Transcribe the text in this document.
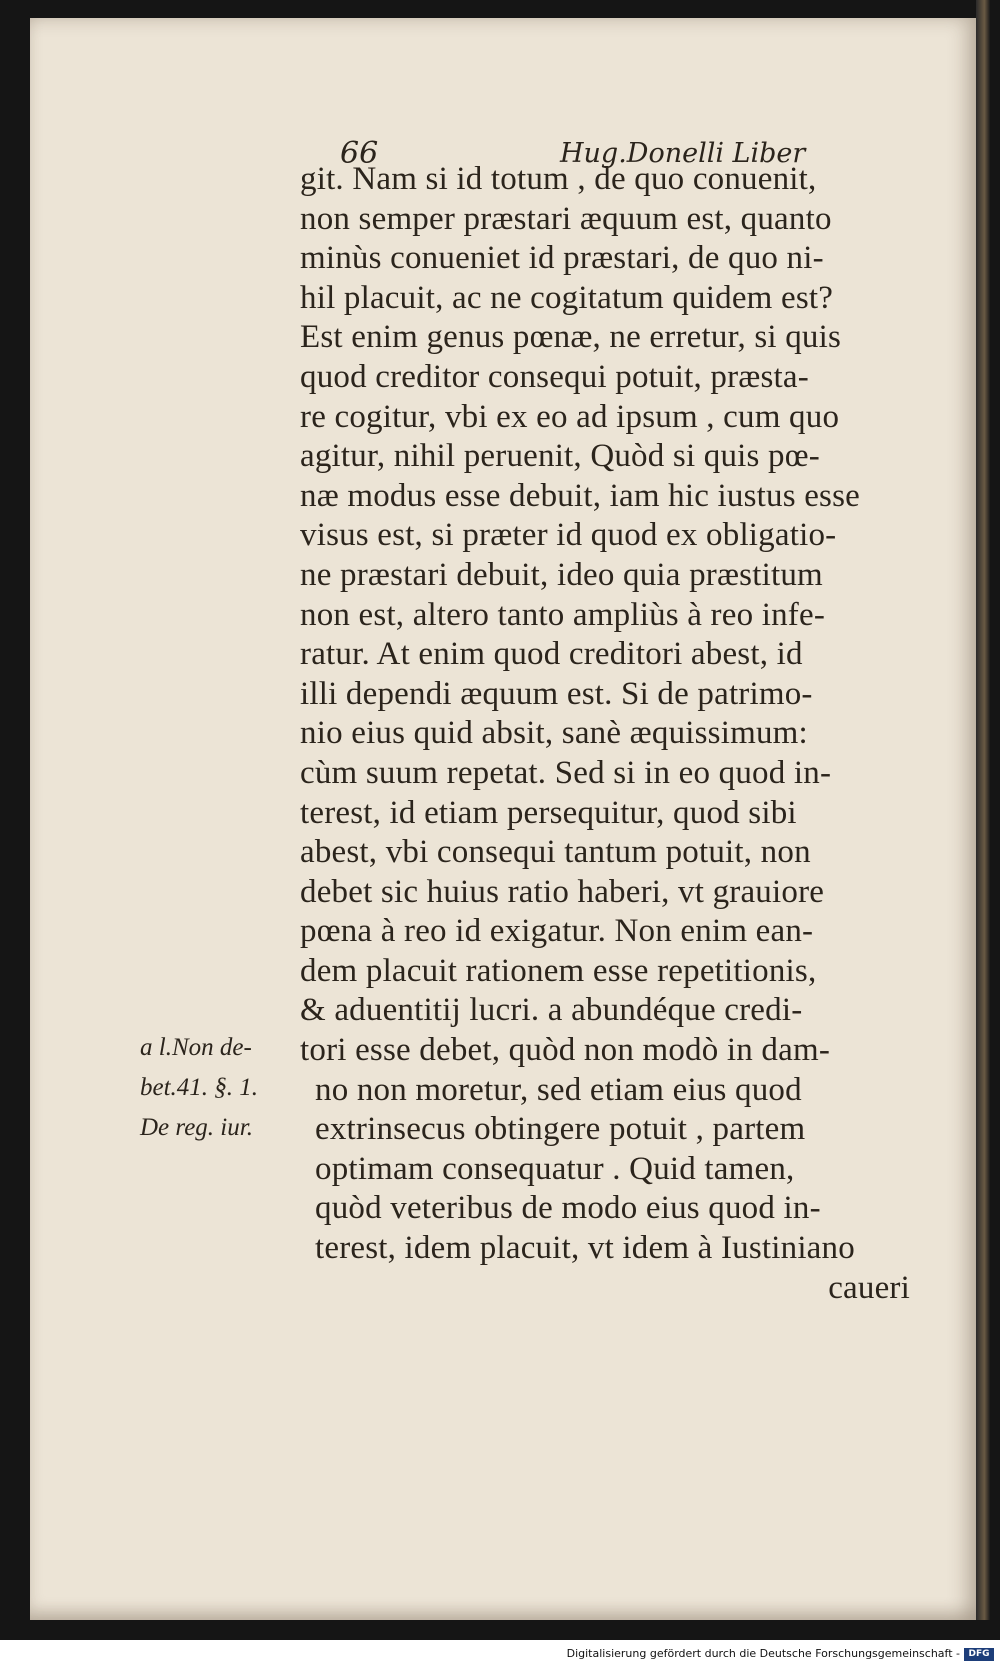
66	Hug.Donelli Liber
git. Nam si id totum , de quo conuenit,
non semper præstari æquum est, quanto
minùs conueniet id præstari, de quo ni-
hil placuit, ac ne cogitatum quidem est?
Est enim genus pœnæ, ne erretur, si quis
quod creditor consequi potuit, præsta-
re cogitur, vbi ex eo ad ipsum , cum quo
agitur, nihil peruenit, Quòd si quis pœ-
næ modus esse debuit, iam hic iustus esse
visus est, si præter id quod ex obligatio-
ne præstari debuit, ideo quia præstitum
non est, altero tanto ampliùs à reo infe-
ratur. At enim quod creditori abest, id
illi dependi æquum est. Si de patrimo-
nio eius quid absit, sanè æquissimum:
cùm suum repetat. Sed si in eo quod in-
terest, id etiam persequitur, quod sibi
abest, vbi consequi tantum potuit, non
debet sic huius ratio haberi, vt grauiore
pœna à reo id exigatur. Non enim ean-
dem placuit rationem esse repetitionis,
& aduentitij lucri. a abundéque credi-
tori esse debet, quòd non modò in dam-
no non moretur, sed etiam eius quod
extrinsecus obtingere potuit , partem
optimam consequatur . Quid tamen,
quòd veteribus de modo eius quod in-
terest, idem placuit, vt idem à Iustiniano
caueri
a l.Non de-
bet.41. §. 1.
De reg. iur.
Digitalisierung gefördert durch die Deutsche Forschungsgemeinschaft - DFG
